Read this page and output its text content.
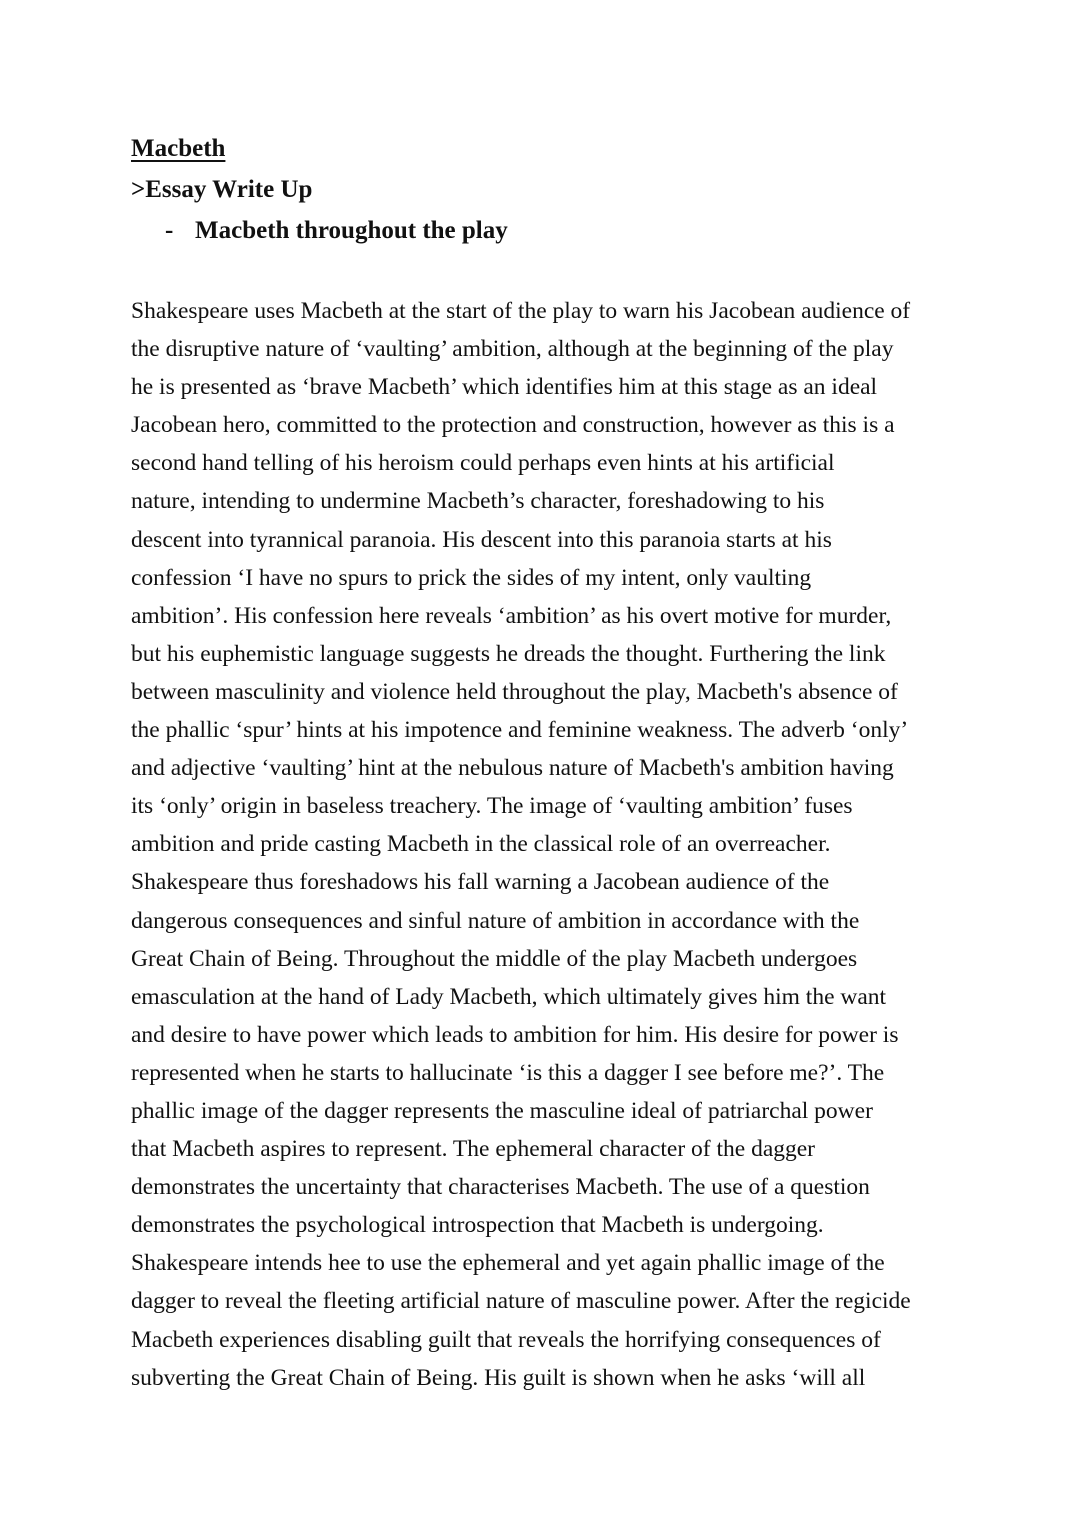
Macbeth

>Essay Write Up

- Macbeth throughout the play

Shakespeare uses Macbeth at the start of the play to warn his Jacobean audience of
the disruptive nature of ‘vaulting’ ambition, although at the beginning of the play
he is presented as ‘brave Macbeth’ which identifies him at this stage as an ideal
Jacobean hero, committed to the protection and construction, however as this is a
second hand telling of his heroism could perhaps even hints at his artificial
nature, intending to undermine Macbeth’s character, foreshadowing to his
descent into tyrannical paranoia. His descent into this paranoia starts at his
confession ‘I have no spurs to prick the sides of my intent, only vaulting
ambition’. His confession here reveals ‘ambition’ as his overt motive for murder,
but his euphemistic language suggests he dreads the thought. Furthering the link
between masculinity and violence held throughout the play, Macbeth's absence of
the phallic ‘spur’ hints at his impotence and feminine weakness. The adverb ‘only’
and adjective ‘vaulting’ hint at the nebulous nature of Macbeth's ambition having
its ‘only’ origin in baseless treachery. The image of ‘vaulting ambition’ fuses
ambition and pride casting Macbeth in the classical role of an overreacher.
Shakespeare thus foreshadows his fall warning a Jacobean audience of the
dangerous consequences and sinful nature of ambition in accordance with the
Great Chain of Being. Throughout the middle of the play Macbeth undergoes
emasculation at the hand of Lady Macbeth, which ultimately gives him the want
and desire to have power which leads to ambition for him. His desire for power is
represented when he starts to hallucinate ‘is this a dagger I see before me?’. The
phallic image of the dagger represents the masculine ideal of patriarchal power
that Macbeth aspires to represent. The ephemeral character of the dagger
demonstrates the uncertainty that characterises Macbeth. The use of a question
demonstrates the psychological introspection that Macbeth is undergoing.
Shakespeare intends hee to use the ephemeral and yet again phallic image of the
dagger to reveal the fleeting artificial nature of masculine power. After the regicide
Macbeth experiences disabling guilt that reveals the horrifying consequences of
subverting the Great Chain of Being. His guilt is shown when he asks ‘will all
